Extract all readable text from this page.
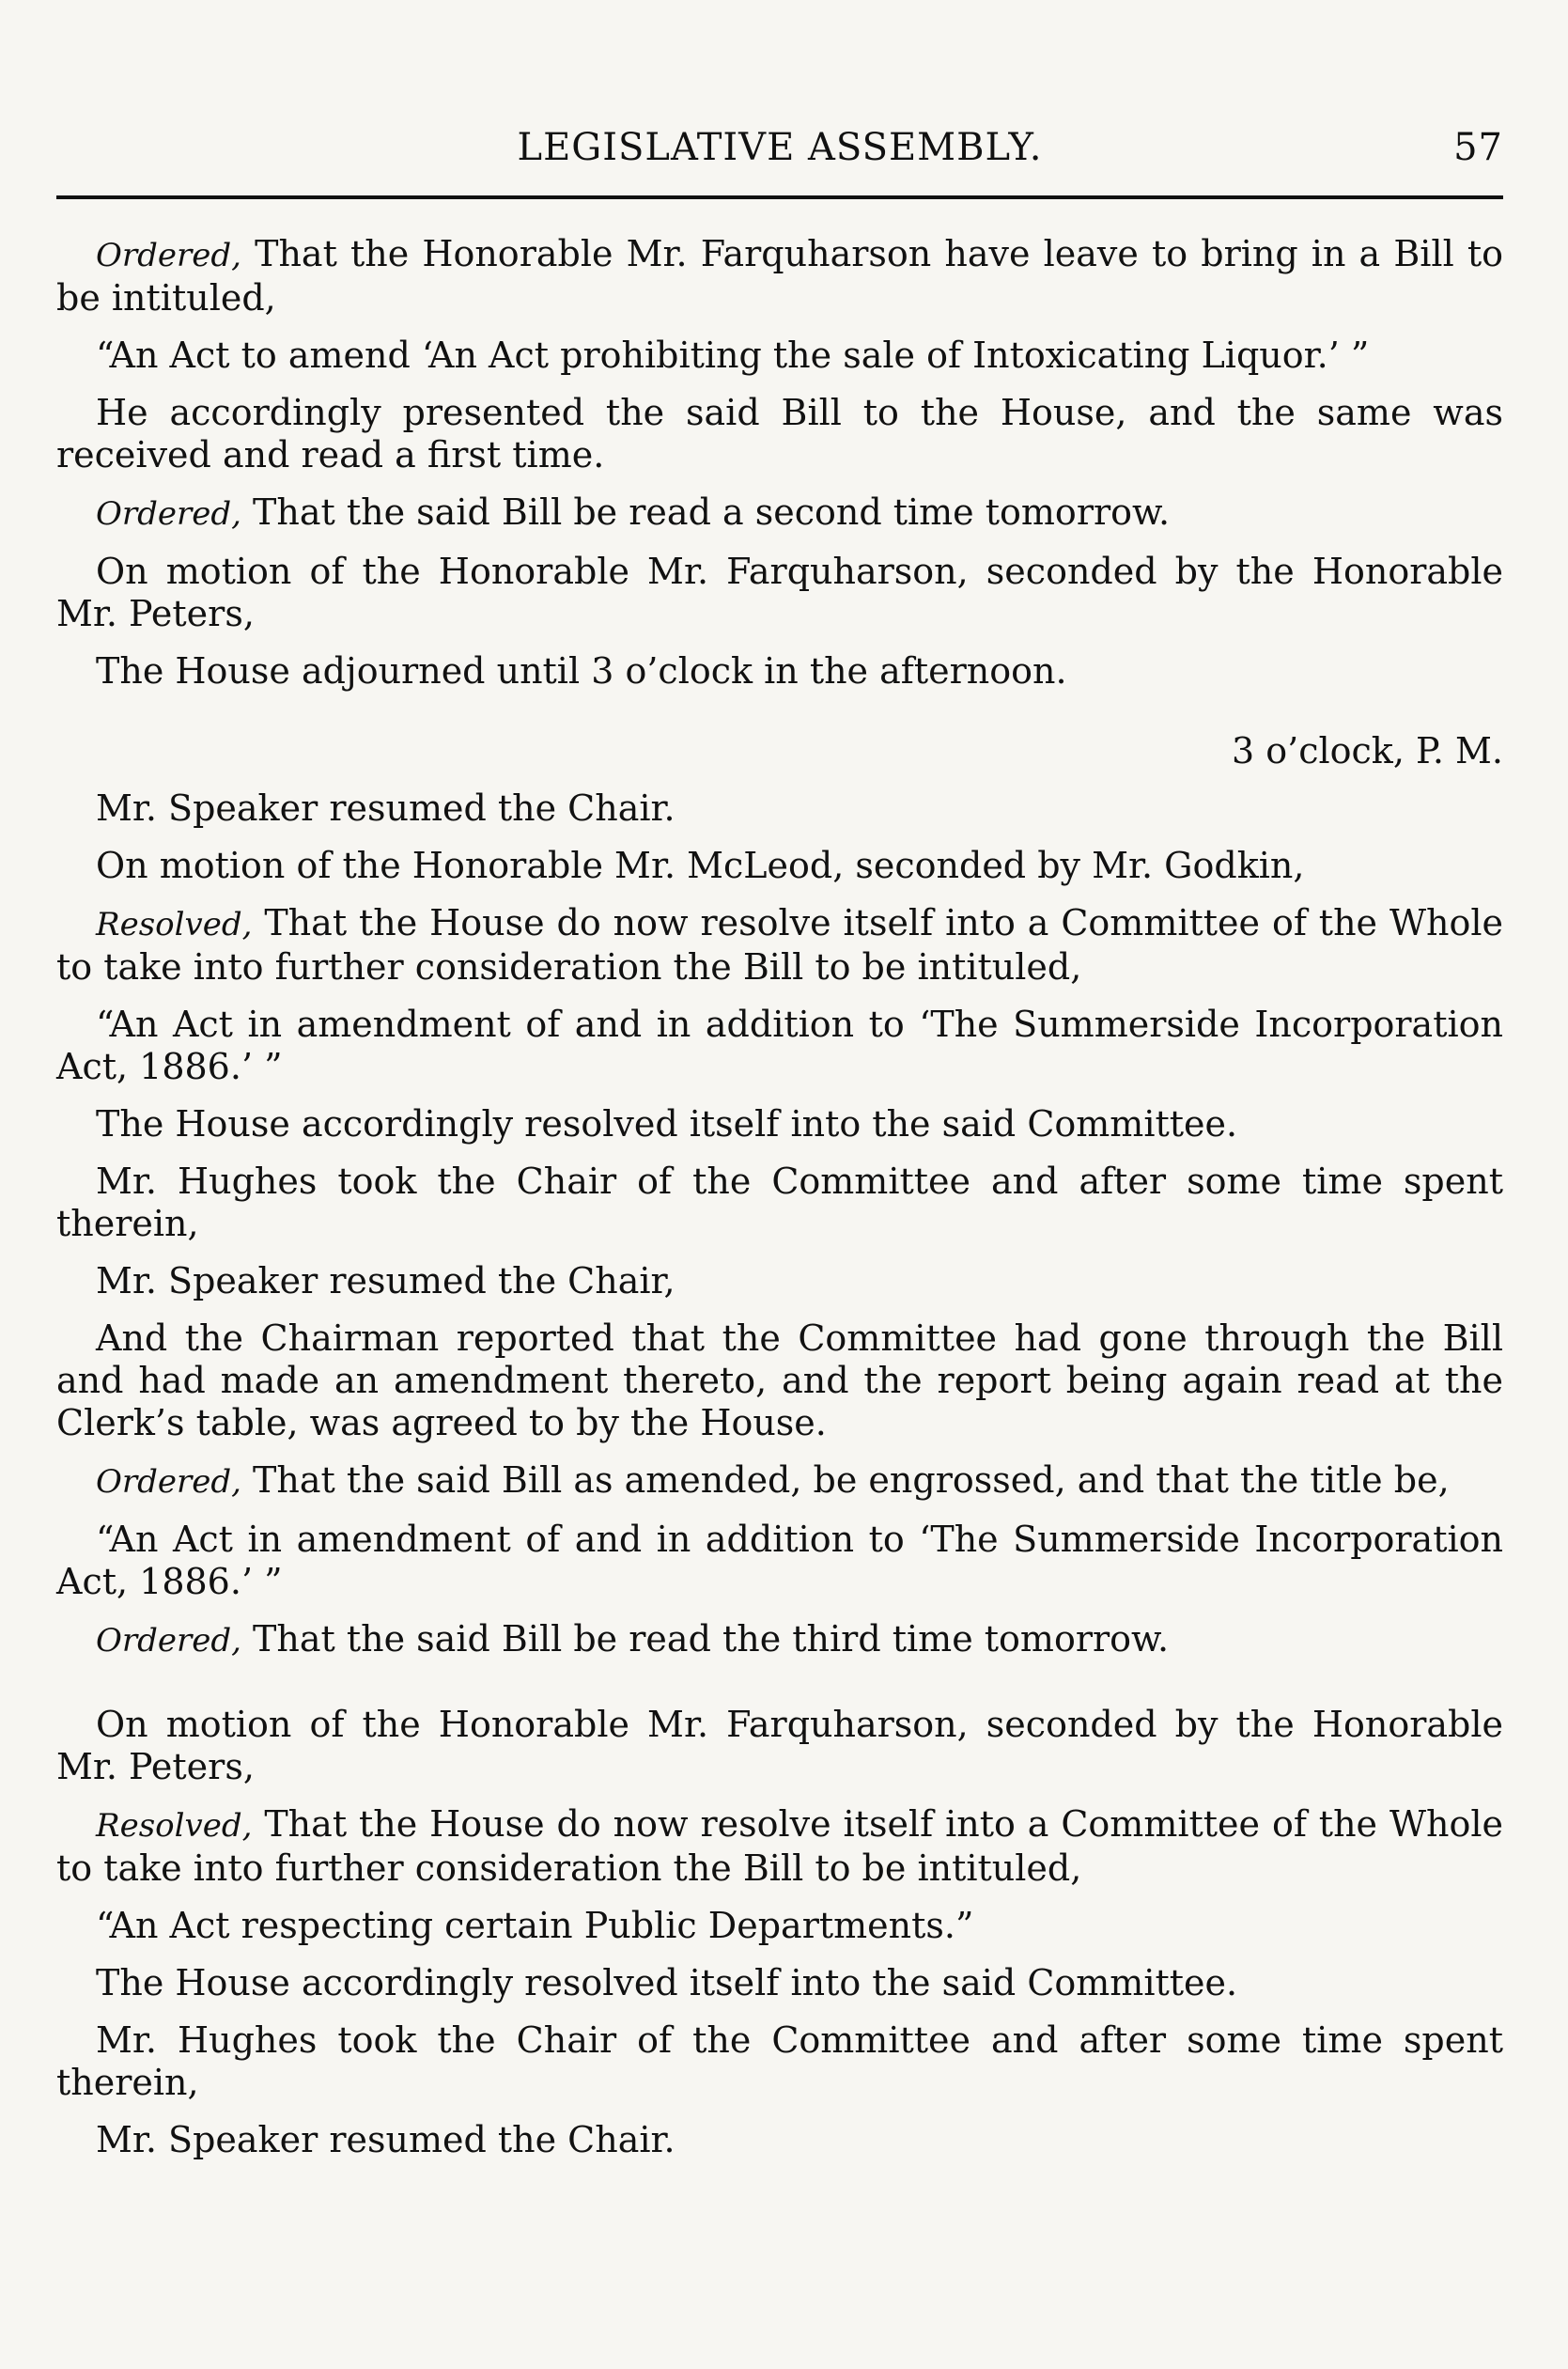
LEGISLATIVE ASSEMBLY.	57

Ordered, That the Honorable Mr. Farquharson have leave to bring in a Bill to be intituled,

“An Act to amend ‘An Act prohibiting the sale of Intoxicating Liquor.’ ”

He accordingly presented the said Bill to the House, and the same was received and read a first time.

Ordered, That the said Bill be read a second time tomorrow.

On motion of the Honorable Mr. Farquharson, seconded by the Honorable Mr. Peters,

The House adjourned until 3 o’clock in the afternoon.

3 o’clock, P. M.

Mr. Speaker resumed the Chair.

On motion of the Honorable Mr. McLeod, seconded by Mr. Godkin,

Resolved, That the House do now resolve itself into a Committee of the Whole to take into further consideration the Bill to be intituled,

“An Act in amendment of and in addition to ‘The Summerside Incorporation Act, 1886.’ ”

The House accordingly resolved itself into the said Committee.

Mr. Hughes took the Chair of the Committee and after some time spent therein,

Mr. Speaker resumed the Chair,

And the Chairman reported that the Committee had gone through the Bill and had made an amendment thereto, and the report being again read at the Clerk’s table, was agreed to by the House.

Ordered, That the said Bill as amended, be engrossed, and that the title be,

“An Act in amendment of and in addition to ‘The Summerside Incorporation Act, 1886.’ ”

Ordered, That the said Bill be read the third time tomorrow.

On motion of the Honorable Mr. Farquharson, seconded by the Honorable Mr. Peters,

Resolved, That the House do now resolve itself into a Committee of the Whole to take into further consideration the Bill to be intituled,

“An Act respecting certain Public Departments.”

The House accordingly resolved itself into the said Committee.

Mr. Hughes took the Chair of the Committee and after some time spent therein,

Mr. Speaker resumed the Chair.
